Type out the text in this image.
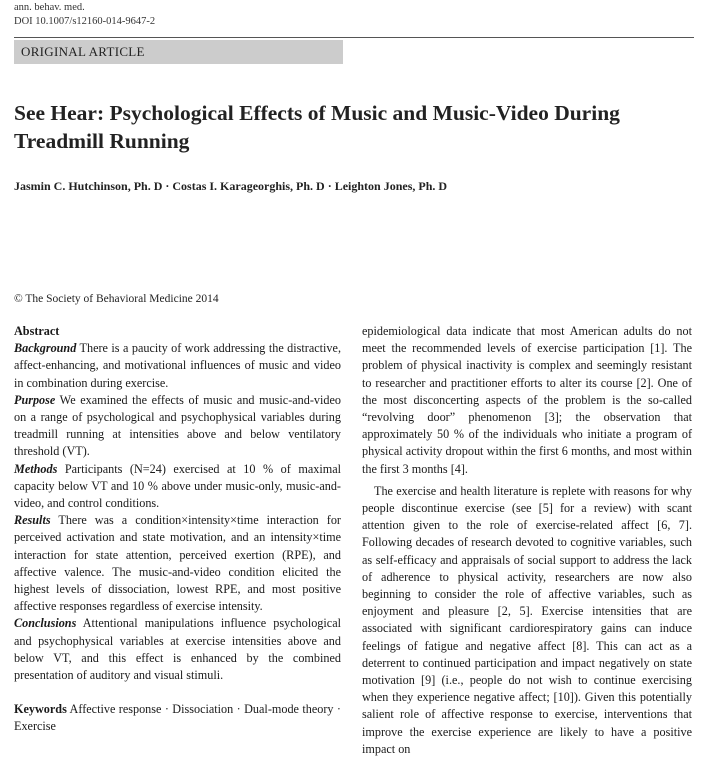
ann. behav. med.
DOI 10.1007/s12160-014-9647-2
ORIGINAL ARTICLE
See Hear: Psychological Effects of Music and Music-Video During Treadmill Running
Jasmin C. Hutchinson, Ph. D · Costas I. Karageorghis, Ph. D · Leighton Jones, Ph. D
© The Society of Behavioral Medicine 2014

Abstract

Background There is a paucity of work addressing the distractive, affect-enhancing, and motivational influences of music and video in combination during exercise.

Purpose We examined the effects of music and music-and-video on a range of psychological and psychophysical variables during treadmill running at intensities above and below ventilatory threshold (VT).

Methods Participants (N=24) exercised at 10 % of maximal capacity below VT and 10 % above under music-only, music-and-video, and control conditions.

Results There was a condition×intensity×time interaction for perceived activation and state motivation, and an intensity×time interaction for state attention, perceived exertion (RPE), and affective valence. The music-and-video condition elicited the highest levels of dissociation, lowest RPE, and most positive affective responses regardless of exercise intensity.

Conclusions Attentional manipulations influence psychological and psychophysical variables at exercise intensities above and below VT, and this effect is enhanced by the combined presentation of auditory and visual stimuli.

Keywords Affective response · Dissociation · Dual-mode theory · Exercise

epidemiological data indicate that most American adults do not meet the recommended levels of exercise participation [1]. The problem of physical inactivity is complex and seemingly resistant to researcher and practitioner efforts to alter its course [2]. One of the most disconcerting aspects of the problem is the so-called “revolving door” phenomenon [3]; the observation that approximately 50 % of the individuals who initiate a program of physical activity dropout within the first 6 months, and most within the first 3 months [4].

The exercise and health literature is replete with reasons for why people discontinue exercise (see [5] for a review) with scant attention given to the role of exercise-related affect [6, 7]. Following decades of research devoted to cognitive variables, such as self-efficacy and appraisals of social support to address the lack of adherence to physical activity, researchers are now also beginning to consider the role of affective variables, such as enjoyment and pleasure [2, 5]. Exercise intensities that are associated with significant cardiorespiratory gains can induce feelings of fatigue and negative affect [8]. This can act as a deterrent to continued participation and impact negatively on state motivation [9] (i.e., people do not wish to continue exercising when they experience negative affect; [10]). Given this potentially salient role of affective response to exercise, interventions that improve the exercise experience are likely to have a positive impact on
